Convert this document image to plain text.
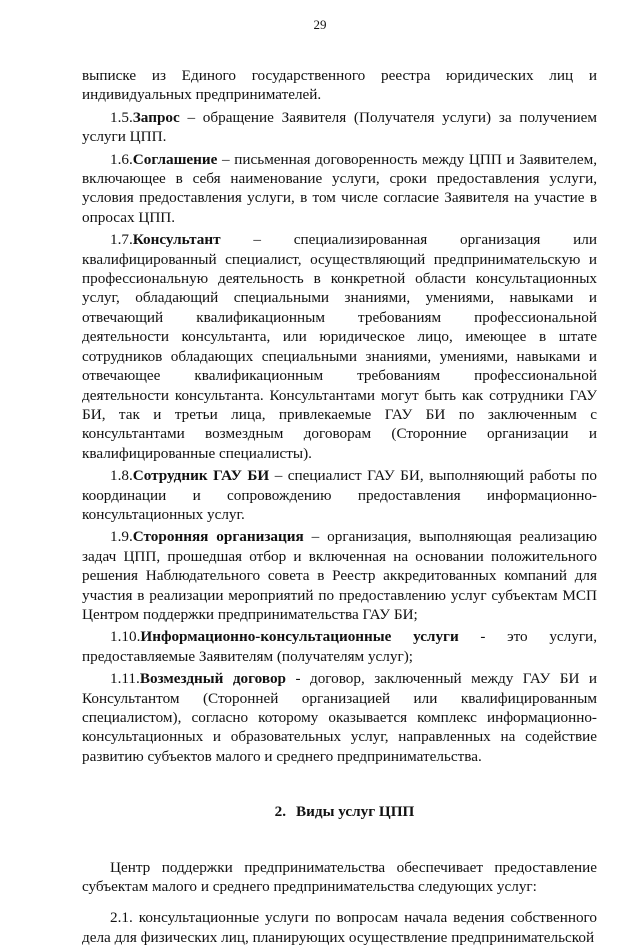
29

выписке из Единого государственного реестра юридических лиц и индивидуальных предпринимателей.

1.5.Запрос – обращение Заявителя (Получателя услуги) за получением услуги ЦПП.

1.6.Соглашение – письменная договоренность между ЦПП и Заявителем, включающее в себя наименование услуги, сроки предоставления услуги, условия предоставления услуги, в том числе согласие Заявителя на участие в опросах ЦПП.

1.7.Консультант – специализированная организация или квалифицированный специалист, осуществляющий предпринимательскую и профессиональную деятельность в конкретной области консультационных услуг, обладающий специальными знаниями, умениями, навыками и отвечающий квалификационным требованиям профессиональной деятельности консультанта, или юридическое лицо, имеющее в штате сотрудников обладающих специальными знаниями, умениями, навыками и отвечающее квалификационным требованиям профессиональной деятельности консультанта. Консультантами могут быть как сотрудники ГАУ БИ, так и третьи лица, привлекаемые ГАУ БИ по заключенным с консультантами возмездным договорам (Сторонние организации и квалифицированные специалисты).

1.8.Сотрудник ГАУ БИ – специалист ГАУ БИ, выполняющий работы по координации и сопровождению предоставления информационно-консультационных услуг.

1.9.Сторонняя организация – организация, выполняющая реализацию задач ЦПП, прошедшая отбор и включенная на основании положительного решения Наблюдательного совета в Реестр аккредитованных компаний для участия в реализации мероприятий по предоставлению услуг субъектам МСП Центром поддержки предпринимательства ГАУ БИ;

1.10.Информационно-консультационные услуги - это услуги, предоставляемые Заявителям (получателям услуг);

1.11.Возмездный договор - договор, заключенный между ГАУ БИ и Консультантом (Сторонней организацией или квалифицированным специалистом), согласно которому оказывается комплекс информационно-консультационных и образовательных услуг, направленных на содействие развитию субъектов малого и среднего предпринимательства.

2. Виды услуг ЦПП

Центр поддержки предпринимательства обеспечивает предоставление субъектам малого и среднего предпринимательства следующих услуг:

2.1. консультационные услуги по вопросам начала ведения собственного дела для физических лиц, планирующих осуществление предпринимательской
